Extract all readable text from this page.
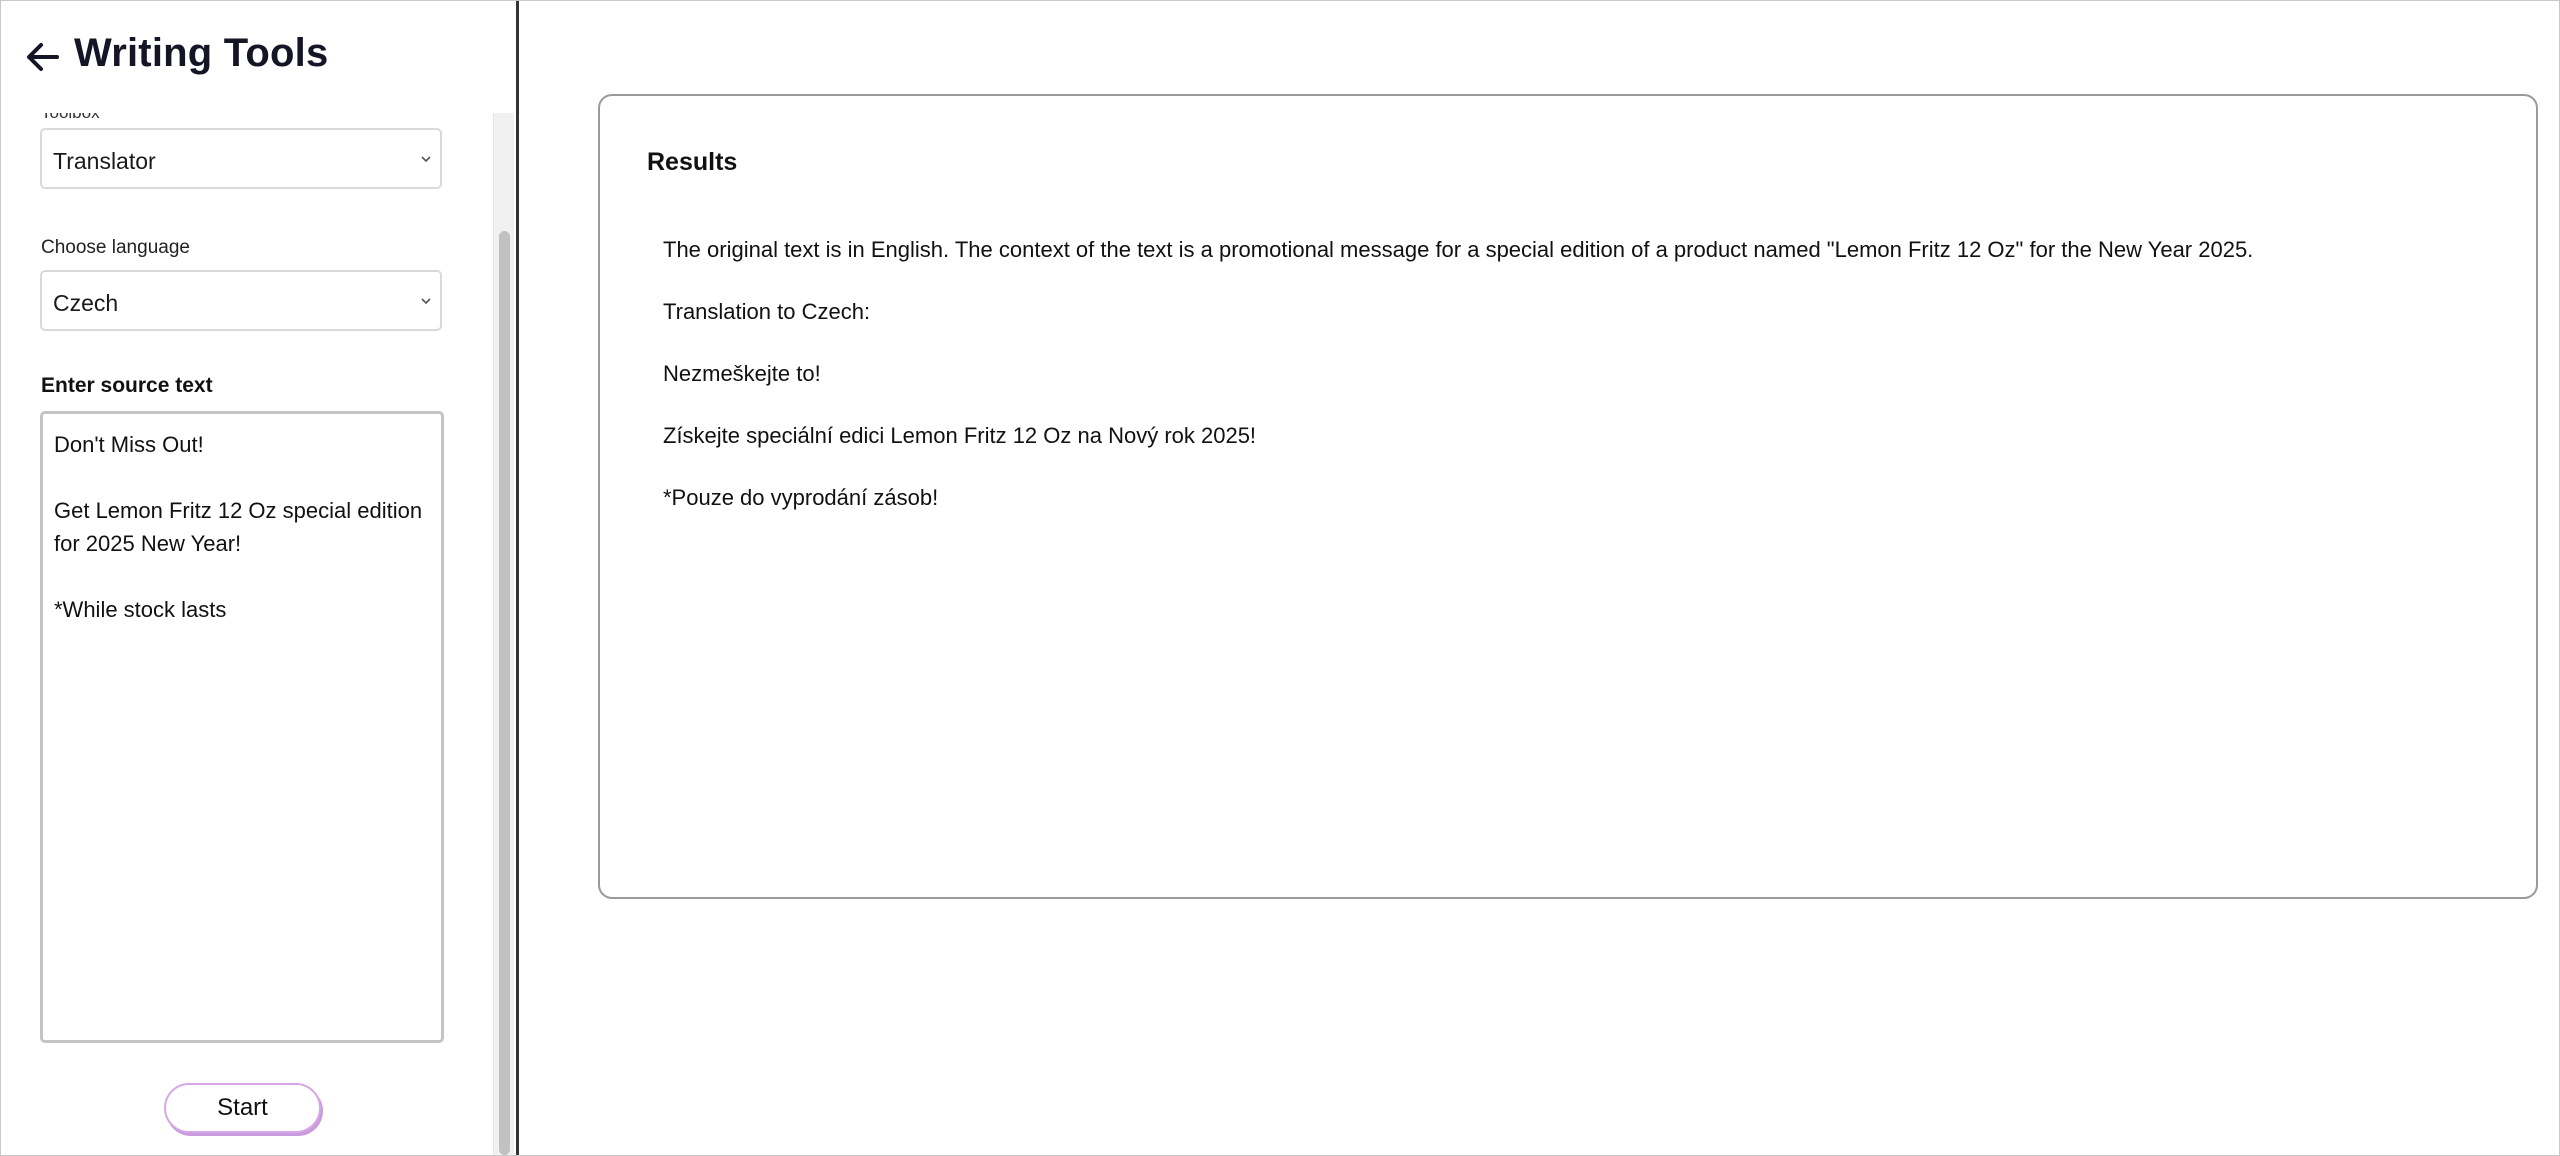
Writing Tools
Translator
Choose language
Czech
Enter source text
Don't Miss Out! Get Lemon Fritz 12 Oz special edition for 2025 New Year! *While stock lasts
Start
Results
The original text is in English. The context of the text is a promotional message for a special edition of a product named "Lemon Fritz 12 Oz" for the New Year 2025.
Translation to Czech:
Nezmeškejte to!
Získejte speciální edici Lemon Fritz 12 Oz na Nový rok 2025!
*Pouze do vyprodání zásob!
